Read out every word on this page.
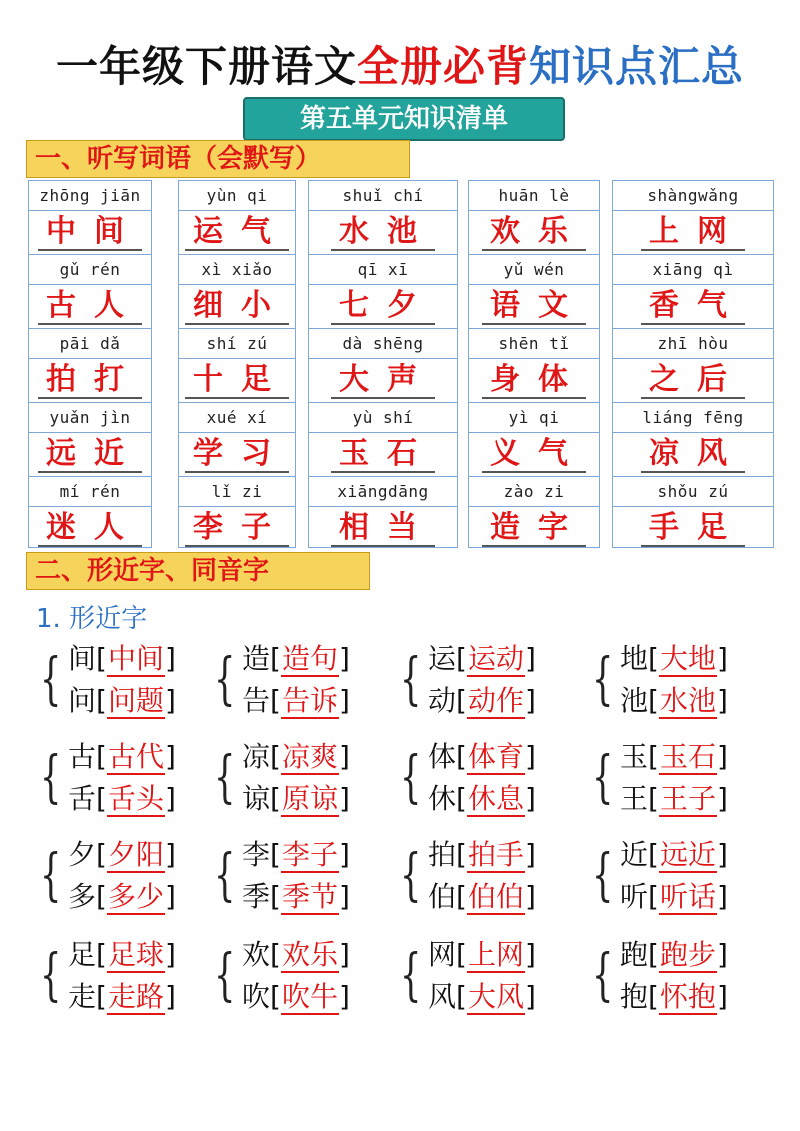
一年级下册语文全册必背知识点汇总
第五单元知识清单
一、听写词语（会默写）
zhōng jiān
中间
gǔ rén
古人
pāi dǎ
拍打
yuǎn jìn
远近
mí rén
迷人
yùn qi
运气
xì xiǎo
细小
shí zú
十足
xué xí
学习
lǐ zi
李子
shuǐ chí
水池
qī xī
七夕
dà shēng
大声
yù shí
玉石
xiāngdāng
相当
huān lè
欢乐
yǔ wén
语文
shēn tǐ
身体
yì qi
义气
zào zi
造字
shàngwǎng
上网
xiāng qì
香气
zhī hòu
之后
liáng fēng
凉风
shǒu zú
手足
二、形近字、同音字
1. 形近字
{ 间[中间]
问[问题] { 造[造句]
告[告诉] { 运[运动]
动[动作] { 地[大地]
池[水池]
{ 古[古代]
舌[舌头] { 凉[凉爽]
谅[原谅] { 体[体育]
休[休息] { 玉[玉石]
王[王子]
{ 夕[夕阳]
多[多少] { 李[李子]
季[季节] { 拍[拍手]
伯[伯伯] { 近[远近]
听[听话]
{ 足[足球]
走[走路] { 欢[欢乐]
吹[吹牛] { 网[上网]
风[大风] { 跑[跑步]
抱[怀抱]
